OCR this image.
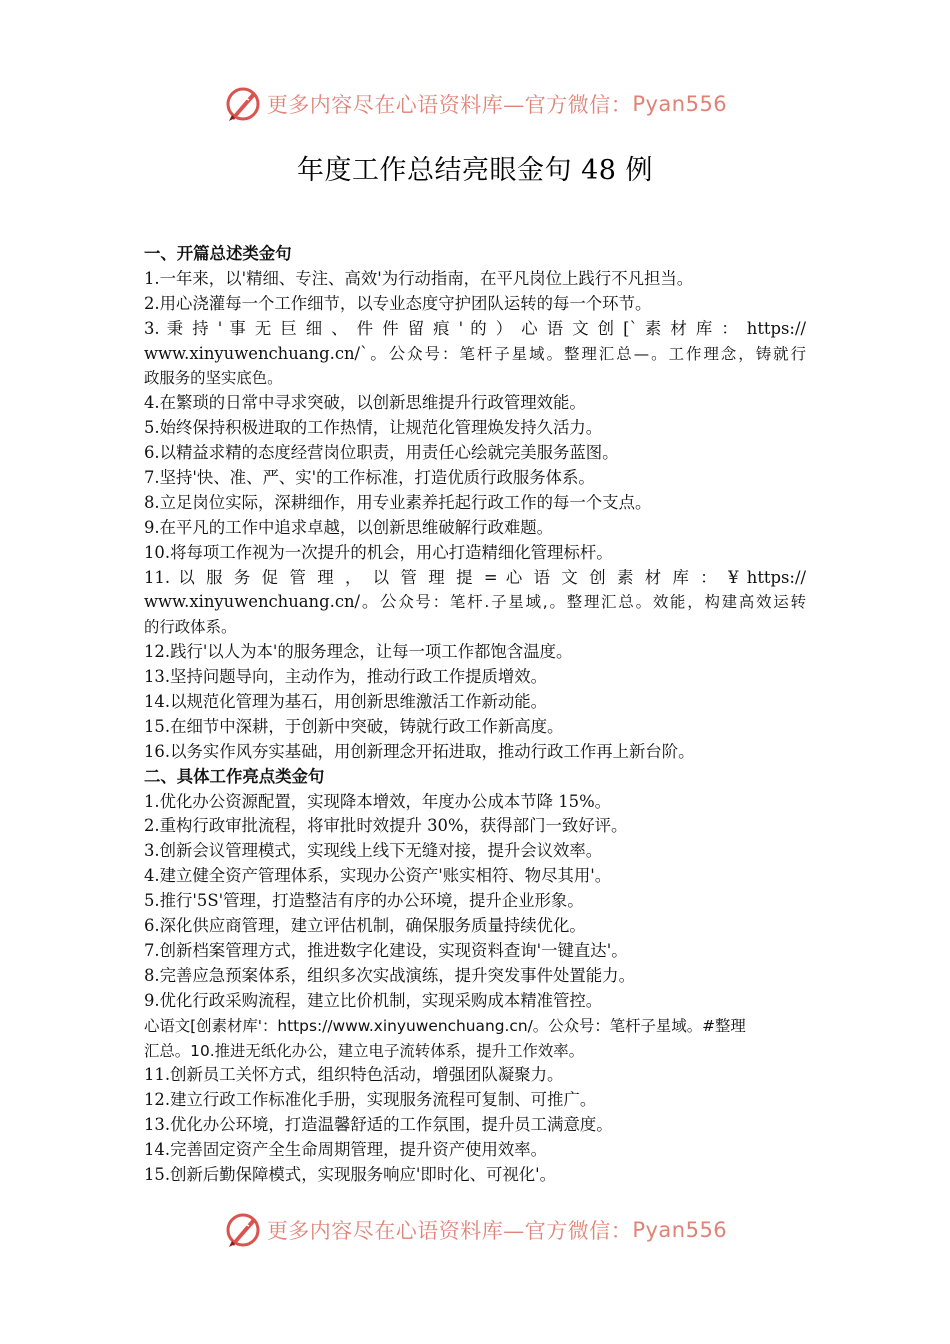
更多内容尽在心语资料库—官方微信： Pyan556
年度工作总结亮眼金句 48 例
一、开篇总述类金句
1.一年来，以'精细、专注、高效'为行动指南，在平凡岗位上践行不凡担当。
2.用心浇灌每一个工作细节，以专业态度守护团队运转的每一个环节。
3. 秉 持 ' 事 无 巨 细 、 件 件 留 痕 ' 的 ） 心 语 文 创 [` 素 材 库 ： https://
www.xinyuwenchuang.cn/`。公众号：笔杆子星域。整理汇总—。工作理念，铸就行
政服务的坚实底色。
4.在繁琐的日常中寻求突破，以创新思维提升行政管理效能。
5.始终保持积极进取的工作热情，让规范化管理焕发持久活力。
6.以精益求精的态度经营岗位职责，用责任心绘就完美服务蓝图。
7.坚持'快、准、严、实'的工作标准，打造优质行政服务体系。
8.立足岗位实际，深耕细作，用专业素养托起行政工作的每一个支点。
9.在平凡的工作中追求卓越，以创新思维破解行政难题。
10.将每项工作视为一次提升的机会，用心打造精细化管理标杆。
11. 以 服 务 促 管 理 ， 以 管 理 提 = 心 语 文 创 素 材 库 ： ¥ https://
www.xinyuwenchuang.cn/。公众号：笔杆.子星域,。整理汇总。效能，构建高效运转
的行政体系。
12.践行'以人为本'的服务理念，让每一项工作都饱含温度。
13.坚持问题导向，主动作为，推动行政工作提质增效。
14.以规范化管理为基石，用创新思维激活工作新动能。
15.在细节中深耕，于创新中突破，铸就行政工作新高度。
16.以务实作风夯实基础，用创新理念开拓进取，推动行政工作再上新台阶。
二、具体工作亮点类金句
1.优化办公资源配置，实现降本增效，年度办公成本节降 15%。
2.重构行政审批流程，将审批时效提升 30%，获得部门一致好评。
3.创新会议管理模式，实现线上线下无缝对接，提升会议效率。
4.建立健全资产管理体系，实现办公资产'账实相符、物尽其用'。
5.推行'5S'管理，打造整洁有序的办公环境，提升企业形象。
6.深化供应商管理，建立评估机制，确保服务质量持续优化。
7.创新档案管理方式，推进数字化建设，实现资料查询'一键直达'。
8.完善应急预案体系，组织多次实战演练，提升突发事件处置能力。
9.优化行政采购流程，建立比价机制，实现采购成本精准管控。
心语文[创素材库'：https://www.xinyuwenchuang.cn/。公众号：笔杆子星域。#整理
汇总。10.推进无纸化办公，建立电子流转体系，提升工作效率。
11.创新员工关怀方式，组织特色活动，增强团队凝聚力。
12.建立行政工作标准化手册，实现服务流程可复制、可推广。
13.优化办公环境，打造温馨舒适的工作氛围，提升员工满意度。
14.完善固定资产全生命周期管理，提升资产使用效率。
15.创新后勤保障模式，实现服务响应'即时化、可视化'。
更多内容尽在心语资料库—官方微信： Pyan556
